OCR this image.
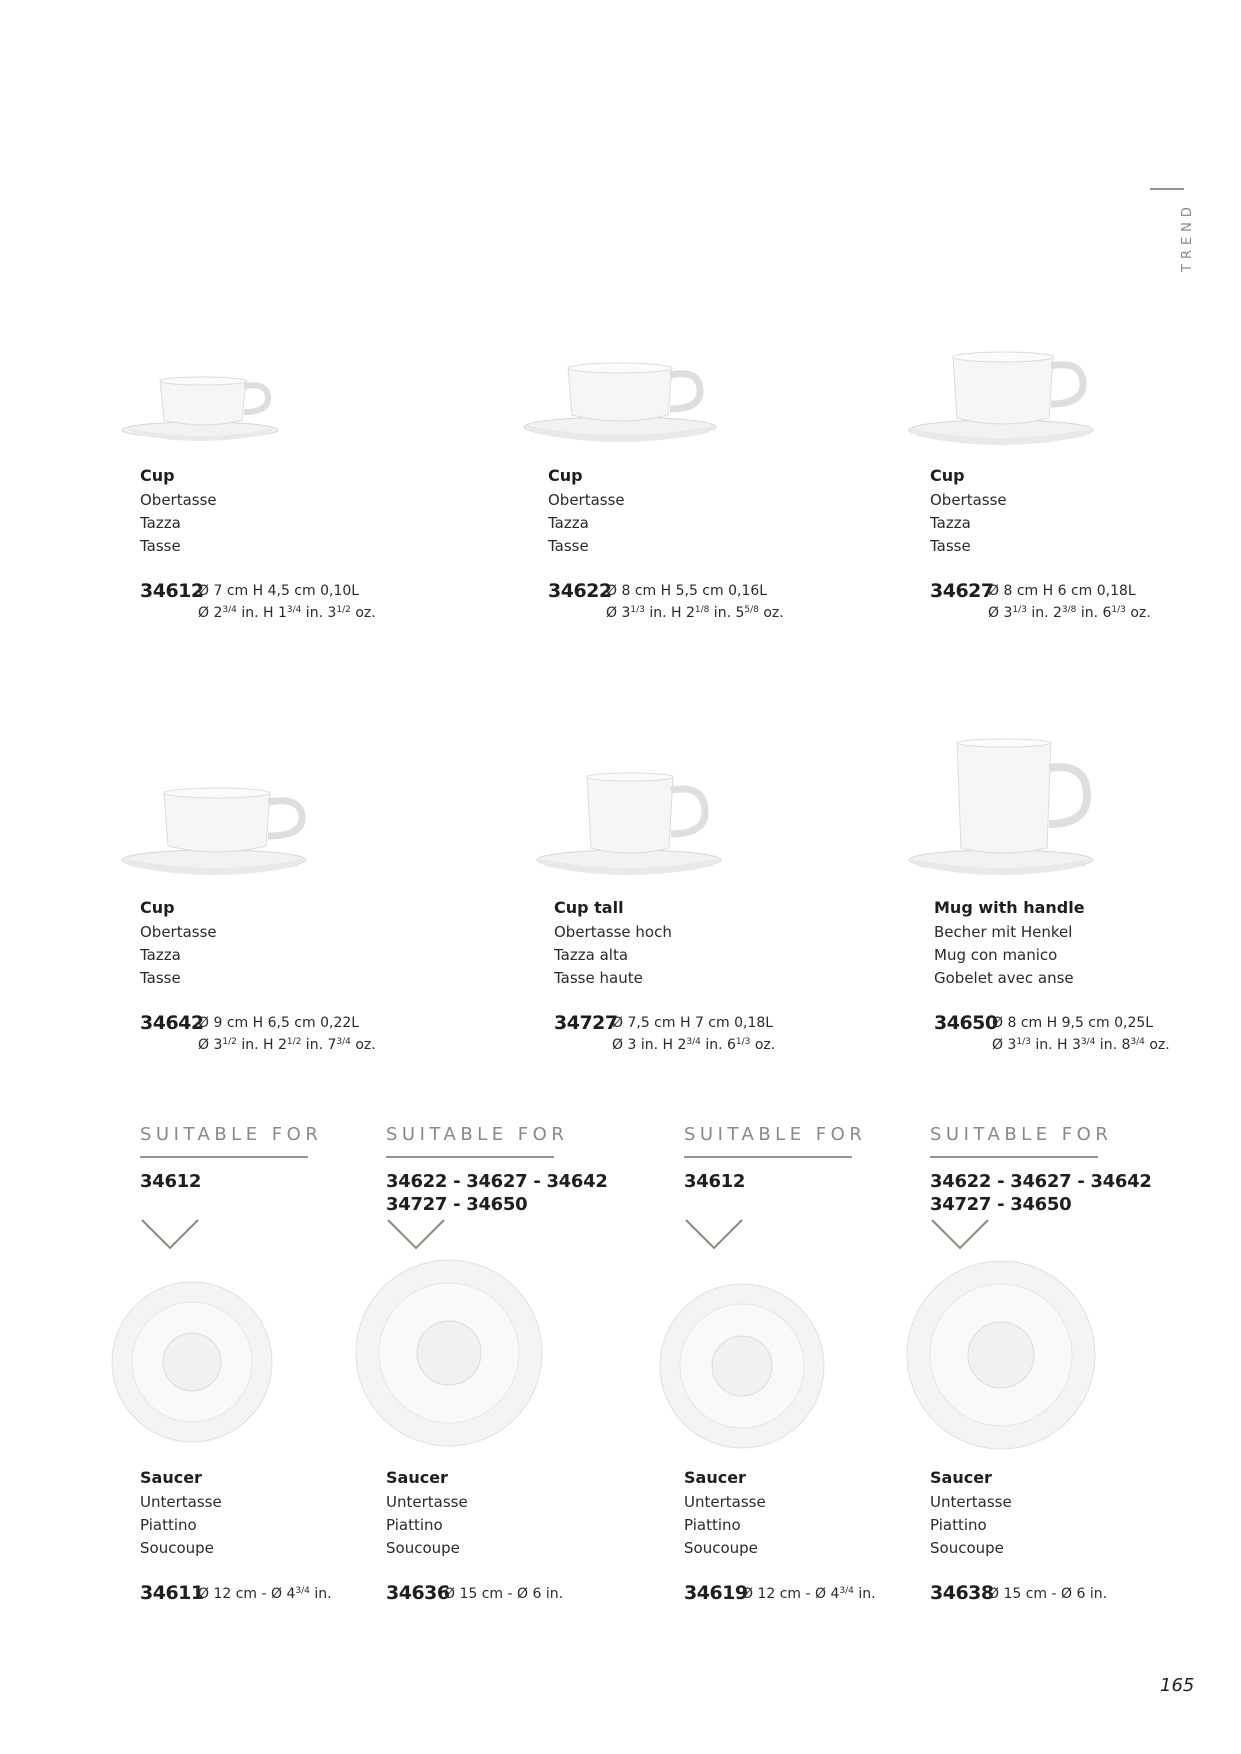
TREND
Cup
Obertasse
Tazza
Tasse
34612
Ø 7 cm H 4,5 cm 0,10L
Ø $2^{3/4}$ in. H $1^{3/4}$ in. $3^{1/2}$ oz.
Cup
Obertasse
Tazza
Tasse
34622
Ø 8 cm H 5,5 cm 0,16L
Ø $3^{1/3}$ in. H $2^{1/8}$ in. $5^{5/8}$ oz.
Cup
Obertasse
Tazza
Tasse
34627
Ø 8 cm H 6 cm 0,18L
Ø $3^{1/3}$ in. $2^{3/8}$ in. $6^{1/3}$ oz.
Cup
Obertasse
Tazza
Tasse
34642
Ø 9 cm H 6,5 cm 0,22L
Ø $3^{1/2}$ in. H $2^{1/2}$ in. $7^{3/4}$ oz.
Cup tall
Obertasse hoch
Tazza alta
Tasse haute
34727
Ø 7,5 cm H 7 cm 0,18L
Ø 3 in. H $2^{3/4}$ in. $6^{1/3}$ oz.
Mug with handle
Becher mit Henkel
Mug con manico
Gobelet avec anse
34650
Ø 8 cm H 9,5 cm 0,25L
Ø $3^{1/3}$ in. H $3^{3/4}$ in. $8^{3/4}$ oz.
SUITABLE FOR
34612
SUITABLE FOR
34622 - 34627 - 34642
34727 - 34650
SUITABLE FOR
34612
SUITABLE FOR
34622 - 34627 - 34642
34727 - 34650
Saucer
Untertasse
Piattino
Soucoupe
34611
Ø 12 cm - Ø $4^{3/4}$ in.
Saucer
Untertasse
Piattino
Soucoupe
34636
Ø 15 cm - Ø 6 in.
Saucer
Untertasse
Piattino
Soucoupe
34619
Ø 12 cm - Ø $4^{3/4}$ in.
Saucer
Untertasse
Piattino
Soucoupe
34638
Ø 15 cm - Ø 6 in.
165
